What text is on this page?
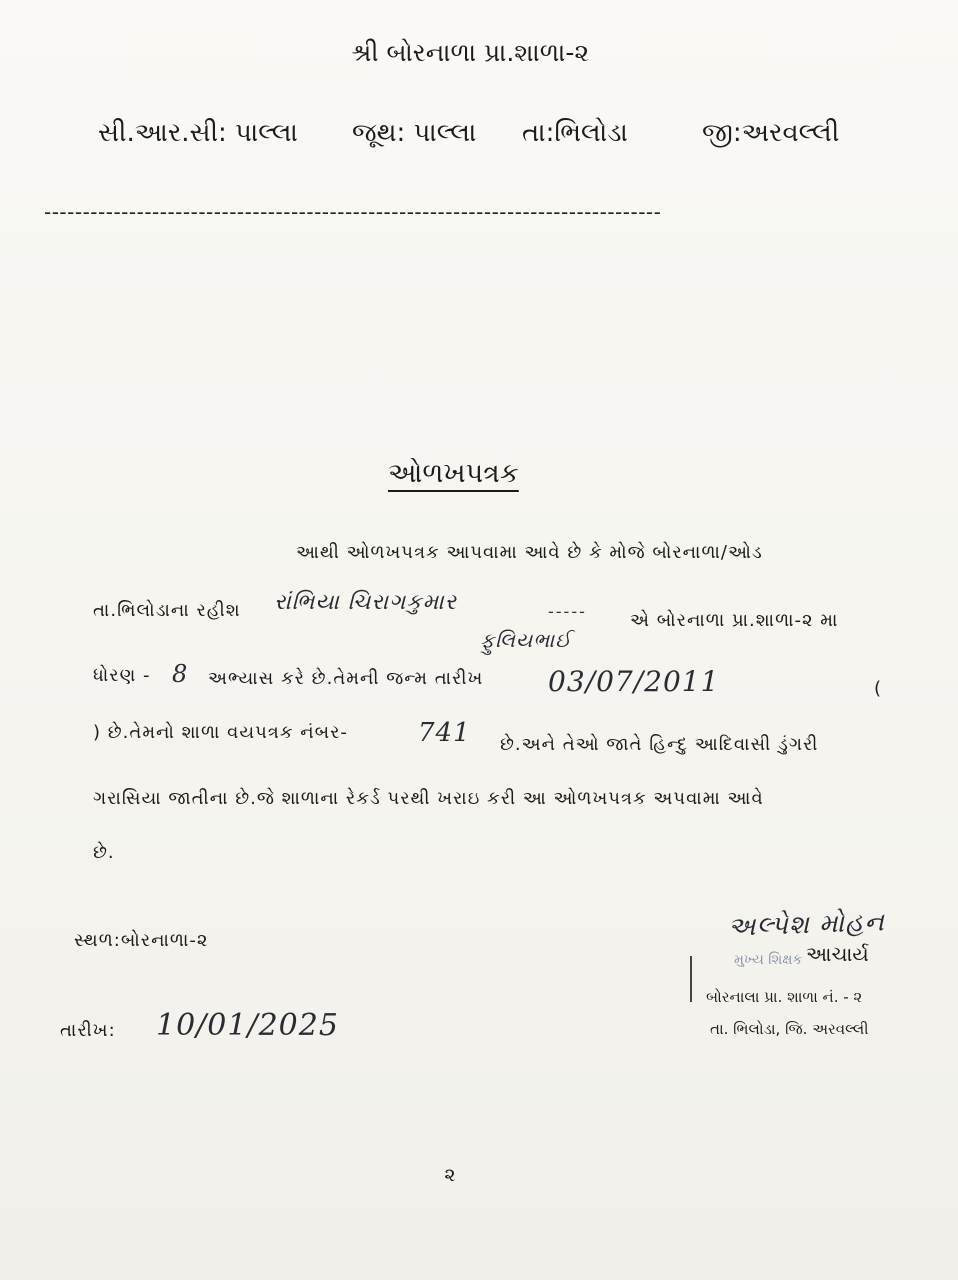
શ્રી બોરનાળા પ્રા.શાળા-૨
સી.આર.સી: પાલ્લા જૂથ: પાલ્લા તા:ભિલોડા	જી:અરવલ્લી
--------------------------------------------------------------------------------
ઓળખપત્રક
આથી ઓળખપત્રક આપવામા આવે છે કે મોજે બોરનાળા/ઓડ
તા.ભિલોડાના રહીશ રાંભિયા ચિરાગકુમાર	----- એ બોરનાળા પ્રા.શાળા-૨ મા
ફુલિયભાઈ
ધોરણ - 8 અભ્યાસ કરે છે.તેમની જન્મ તારીખ 03/07/2011	(
) છે.તેમનો શાળા વયપત્રક નંબર-	741 છે.અને તેઓ જાતે હિન્દુ આદિવાસી ડુંગરી
ગરાસિયા જાતીના છે.જે શાળાના રેકર્ડ પરથી ખરાઇ કરી આ ઓળખપત્રક અપવામા આવે
છે.
સ્થળ:બોરનાળા-૨
તારીખ: 10/01/2025
અલ્પેશ મોહન
મુખ્ય શિક્ષક આચાર્ય
બોરનાલા પ્રા. શાળા નં. - ૨
તા. ભિલોડા, જિ. અરવલ્લી
૨
